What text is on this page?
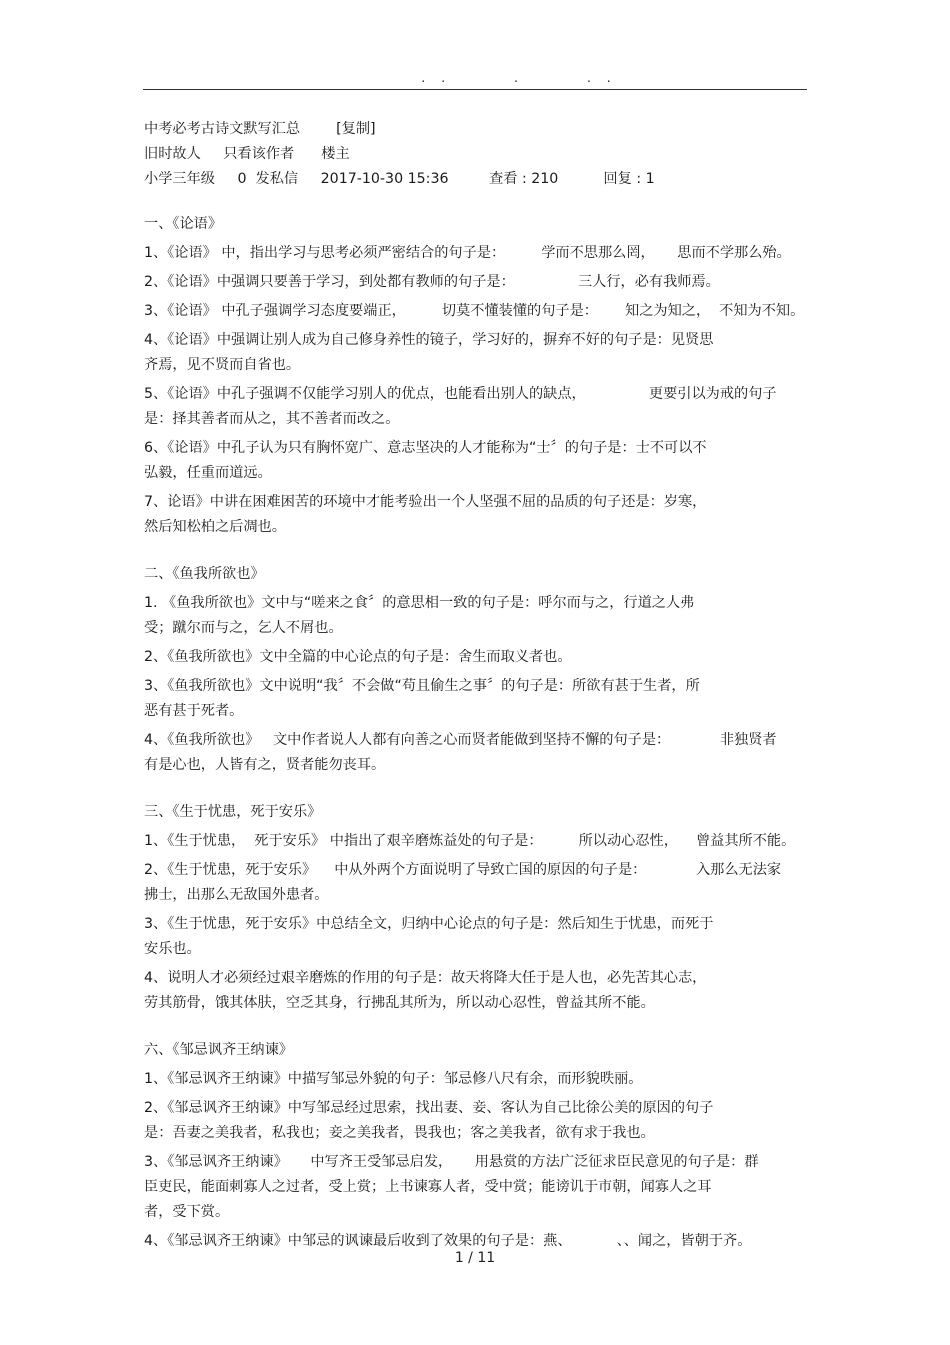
.  .          .          .  .
中考必考古诗文默写汇总        [复制]
旧时故人     只看该作者      楼主
小学三年级     0  发私信     2017-10-30 15:36         查看 : 210          回复 : 1
一、《论语》
1、《论语》 中，指出学习与思考必须严密结合的句子是：        学而不思那么罔，     思而不学那么殆。
2、《论语》中强调只要善于学习，到处都有教师的句子是：              三人行，必有我师焉。
3、《论语》 中孔子强调学习态度要端正，        切莫不懂装懂的句子是：      知之为知之，  不知为不知。
4、《论语》中强调让别人成为自己修身养性的镜子，学习好的，摒弃不好的句子是：见贤思
齐焉，见不贤而自省也。
5、《论语》中孔子强调不仅能学习别人的优点，也能看出别人的缺点，              更要引以为戒的句子
是：择其善者而从之，其不善者而改之。
6、《论语》中孔子认为只有胸怀宽广、意志坚决的人才能称为“士〞的句子是：士不可以不
弘毅，任重而道远。
7、论语》中讲在困难困苦的环境中才能考验出一个人坚强不屈的品质的句子还是：岁寒，
然后知松柏之后凋也。
二、《鱼我所欲也》
1. 《鱼我所欲也》文中与“嗟来之食〞的意思相一致的句子是：呼尔而与之，行道之人弗
受；蹴尔而与之，乞人不屑也。
2、《鱼我所欲也》文中全篇的中心论点的句子是：舍生而取义者也。
3、《鱼我所欲也》文中说明“我〞不会做“苟且偷生之事〞的句子是：所欲有甚于生者，所
恶有甚于死者。
4、《鱼我所欲也》   文中作者说人人都有向善之心而贤者能做到坚持不懈的句子是：           非独贤者
有是心也，人皆有之，贤者能勿丧耳。
三、《生于忧患，死于安乐》
1、《生于忧患，  死于安乐》 中指出了艰辛磨炼益处的句子是：        所以动心忍性，    曾益其所不能。
2、《生于忧患，死于安乐》    中从外两个方面说明了导致亡国的原因的句子是：           入那么无法家
拂士，出那么无敌国外患者。
3、《生于忧患，死于安乐》中总结全文，归纳中心论点的句子是：然后知生于忧患，而死于
安乐也。
4、说明人才必须经过艰辛磨炼的作用的句子是：故天将降大任于是人也，必先苦其心志，
劳其筋骨，饿其体肤，空乏其身，行拂乱其所为，所以动心忍性，曾益其所不能。
六、《邹忌讽齐王纳谏》
1、《邹忌讽齐王纳谏》中描写邹忌外貌的句子：邹忌修八尺有余，而形貌昳丽。
2、《邹忌讽齐王纳谏》中写邹忌经过思索，找出妻、妾、客认为自己比徐公美的原因的句子
是：吾妻之美我者，私我也；妾之美我者，畏我也；客之美我者，欲有求于我也。
3、《邹忌讽齐王纳谏》     中写齐王受邹忌启发，     用悬赏的方法广泛征求臣民意见的句子是：群
臣吏民，能面刺寡人之过者，受上赏；上书谏寡人者，受中赏；能谤讥于市朝，闻寡人之耳
者，受下赏。
4、《邹忌讽齐王纳谏》中邹忌的讽谏最后收到了效果的句子是：燕、          、、闻之，皆朝于齐。
1 / 11
